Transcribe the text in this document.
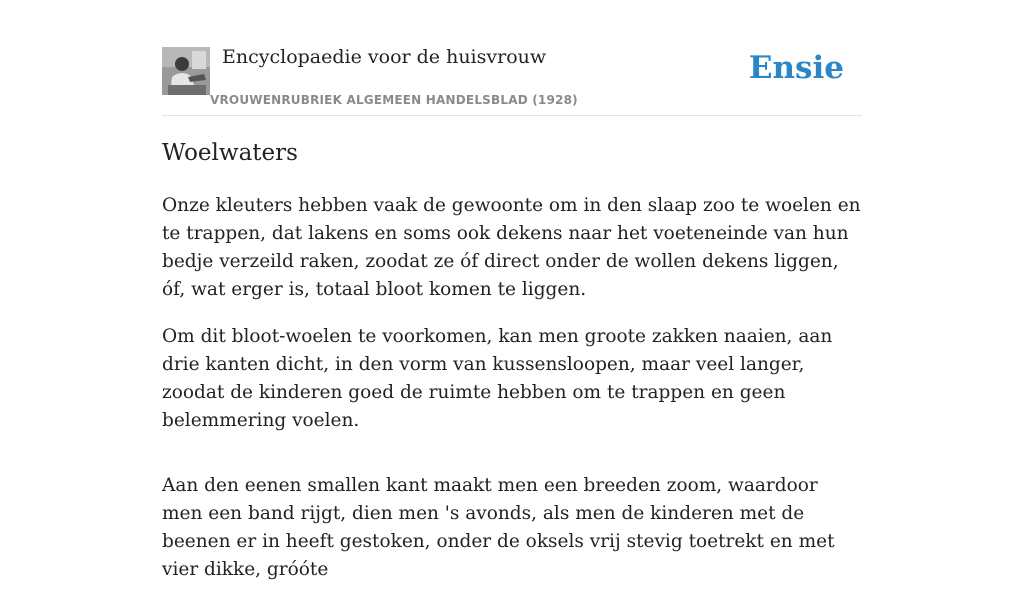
Encyclopaedie voor de huisvrouw
VROUWENRUBRIEK ALGEMEEN HANDELSBLAD (1928)
Ensie
Woelwaters

Onze kleuters hebben vaak de gewoonte om in den slaap zoo te woelen en te trappen, dat lakens en soms ook dekens naar het voeteneinde van hun bedje verzeild raken, zoodat ze óf direct onder de wollen dekens liggen, óf, wat erger is, totaal bloot komen te liggen.

Om dit bloot-woelen te voorkomen, kan men groote zakken naaien, aan drie kanten dicht, in den vorm van kussensloopen, maar veel langer, zoodat de kinderen goed de ruimte hebben om te trappen en geen belemmering voelen.

Aan den eenen smallen kant maakt men een breeden zoom, waardoor men een band rijgt, dien men 's avonds, als men de kinderen met de beenen er in heeft gestoken, onder de oksels vrij stevig toetrekt en met vier dikke, gróóte
